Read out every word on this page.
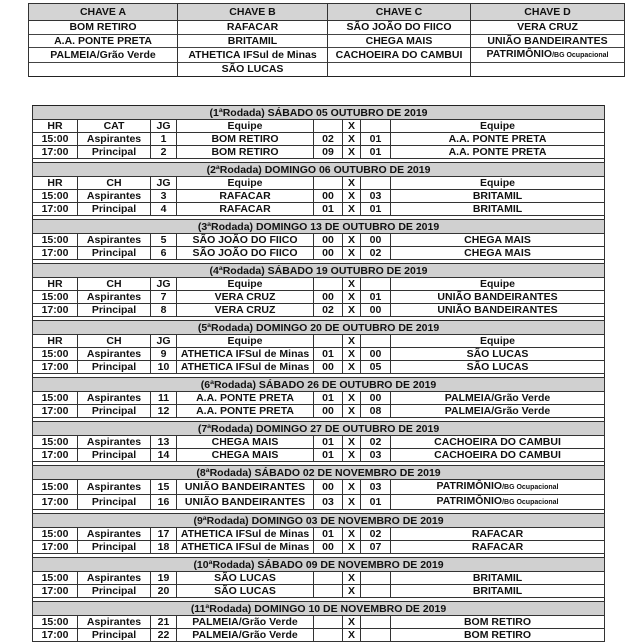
CHAVE A	CHAVE B	CHAVE C	CHAVE D
BOM RETIRO	RAFACAR	SÃO JOÃO DO FIICO	VERA CRUZ
A.A. PONTE PRETA	BRITAMIL	CHEGA MAIS	UNIÃO BANDEIRANTES
PALMEIA/Grão Verde	ATHETICA IFSul de Minas	CACHOEIRA DO CAMBUI	PATRIMÔNIO/BG Ocupacional
	SÃO LUCAS		
(1ªRodada) SÁBADO 05 OUTUBRO DE 2019							
HR	CAT	JG	Equipe		X		Equipe
15:00	Aspirantes	1	BOM RETIRO	02	X	01	A.A. PONTE PRETA
17:00	Principal	2	BOM RETIRO	09	X	01	A.A. PONTE PRETA

(2ªRodada) DOMINGO 06 OUTUBRO DE 2019							
HR	CH	JG	Equipe		X		Equipe
15:00	Aspirantes	3	RAFACAR	00	X	03	BRITAMIL
17:00	Principal	4	RAFACAR	01	X	01	BRITAMIL

(3ªRodada) DOMINGO 13 DE OUTUBRO DE 2019							
15:00	Aspirantes	5	SÃO JOÃO DO FIICO	00	X	00	CHEGA MAIS
17:00	Principal	6	SÃO JOÃO DO FIICO	00	X	02	CHEGA MAIS

(4ªRodada) SÁBADO 19 OUTUBRO DE 2019							
HR	CH	JG	Equipe		X		Equipe
15:00	Aspirantes	7	VERA CRUZ	00	X	01	UNIÃO BANDEIRANTES
17:00	Principal	8	VERA CRUZ	02	X	00	UNIÃO BANDEIRANTES

(5ªRodada) DOMINGO 20 DE OUTUBRO DE 2019							
HR	CH	JG	Equipe		X		Equipe
15:00	Aspirantes	9	ATHETICA IFSul de Minas	01	X	00	SÃO LUCAS
17:00	Principal	10	ATHETICA IFSul de Minas	00	X	05	SÃO LUCAS

(6ªRodada) SÁBADO 26 DE OUTUBRO DE 2019							
15:00	Aspirantes	11	A.A. PONTE PRETA	01	X	00	PALMEIA/Grão Verde
17:00	Principal	12	A.A. PONTE PRETA	00	X	08	PALMEIA/Grão Verde

(7ªRodada) DOMINGO 27 DE OUTUBRO DE 2019							
15:00	Aspirantes	13	CHEGA MAIS	01	X	02	CACHOEIRA DO CAMBUI
17:00	Principal	14	CHEGA MAIS	01	X	03	CACHOEIRA DO CAMBUI

(8ªRodada) SÁBADO 02 DE NOVEMBRO DE 2019							
15:00	Aspirantes	15	UNIÃO BANDEIRANTES	00	X	03	PATRIMÔNIO/BG Ocupacional
17:00	Principal	16	UNIÃO BANDEIRANTES	03	X	01	PATRIMÔNIO/BG Ocupacional

(9ªRodada) DOMINGO 03 DE NOVEMBRO DE 2019							
15:00	Aspirantes	17	ATHETICA IFSul de Minas	01	X	02	RAFACAR
17:00	Principal	18	ATHETICA IFSul de Minas	00	X	07	RAFACAR

(10ªRodada) SÁBADO 09 DE NOVEMBRO DE 2019							
15:00	Aspirantes	19	SÃO LUCAS		X		BRITAMIL
17:00	Principal	20	SÃO LUCAS		X		BRITAMIL

(11ªRodada) DOMINGO 10 DE NOVEMBRO DE 2019							
15:00	Aspirantes	21	PALMEIA/Grão Verde		X		BOM RETIRO
17:00	Principal	22	PALMEIA/Grão Verde		X		BOM RETIRO
